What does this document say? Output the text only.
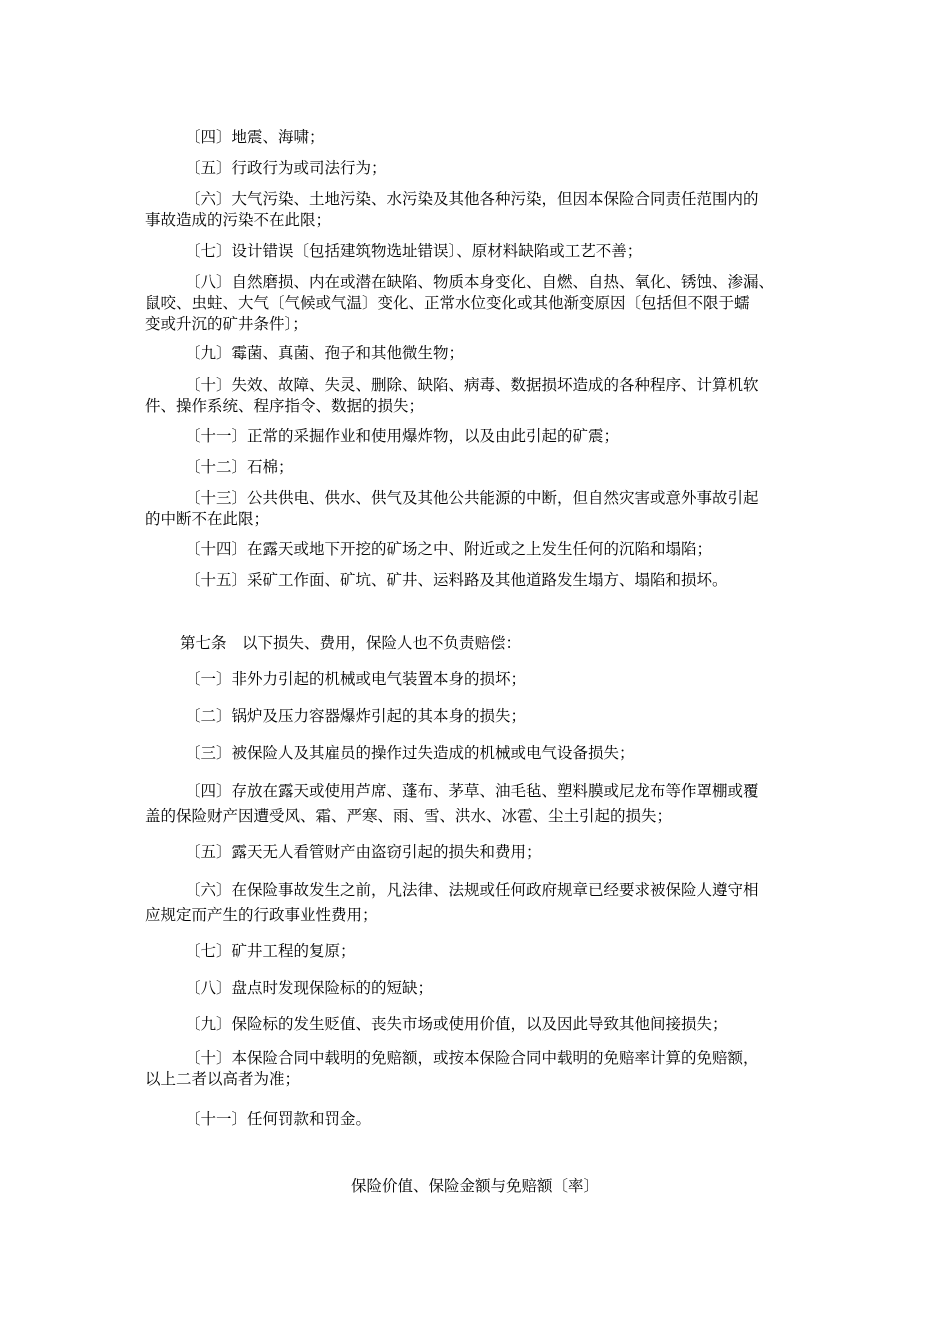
〔四〕地震、海啸；

〔五〕行政行为或司法行为；

〔六〕大气污染、土地污染、水污染及其他各种污染，但因本保险合同责任范围内的
事故造成的污染不在此限；

〔七〕设计错误〔包括建筑物选址错误〕、原材料缺陷或工艺不善；

〔八〕自然磨损、内在或潜在缺陷、物质本身变化、自燃、自热、氧化、锈蚀、渗漏、
鼠咬、虫蛀、大气〔气候或气温〕变化、正常水位变化或其他渐变原因〔包括但不限于蠕
变或升沉的矿井条件〕；

〔九〕霉菌、真菌、孢子和其他微生物；

〔十〕失效、故障、失灵、删除、缺陷、病毒、数据损坏造成的各种程序、计算机软
件、操作系统、程序指令、数据的损失；

〔十一〕正常的采掘作业和使用爆炸物，以及由此引起的矿震；

〔十二〕石棉；

〔十三〕公共供电、供水、供气及其他公共能源的中断，但自然灾害或意外事故引起
的中断不在此限；

〔十四〕在露天或地下开挖的矿场之中、附近或之上发生任何的沉陷和塌陷；

〔十五〕采矿工作面、矿坑、矿井、运料路及其他道路发生塌方、塌陷和损坏。

第七条　以下损失、费用，保险人也不负责赔偿：

〔一〕非外力引起的机械或电气装置本身的损坏；

〔二〕锅炉及压力容器爆炸引起的其本身的损失；

〔三〕被保险人及其雇员的操作过失造成的机械或电气设备损失；

〔四〕存放在露天或使用芦席、蓬布、茅草、油毛毡、塑料膜或尼龙布等作罩棚或覆
盖的保险财产因遭受风、霜、严寒、雨、雪、洪水、冰雹、尘土引起的损失；

〔五〕露天无人看管财产由盗窃引起的损失和费用；

〔六〕在保险事故发生之前，凡法律、法规或任何政府规章已经要求被保险人遵守相
应规定而产生的行政事业性费用；

〔七〕矿井工程的复原；

〔八〕盘点时发现保险标的的短缺；

〔九〕保险标的发生贬值、丧失市场或使用价值，以及因此导致其他间接损失；

〔十〕本保险合同中载明的免赔额，或按本保险合同中载明的免赔率计算的免赔额，
以上二者以高者为准；

〔十一〕任何罚款和罚金。

保险价值、保险金额与免赔额〔率〕
